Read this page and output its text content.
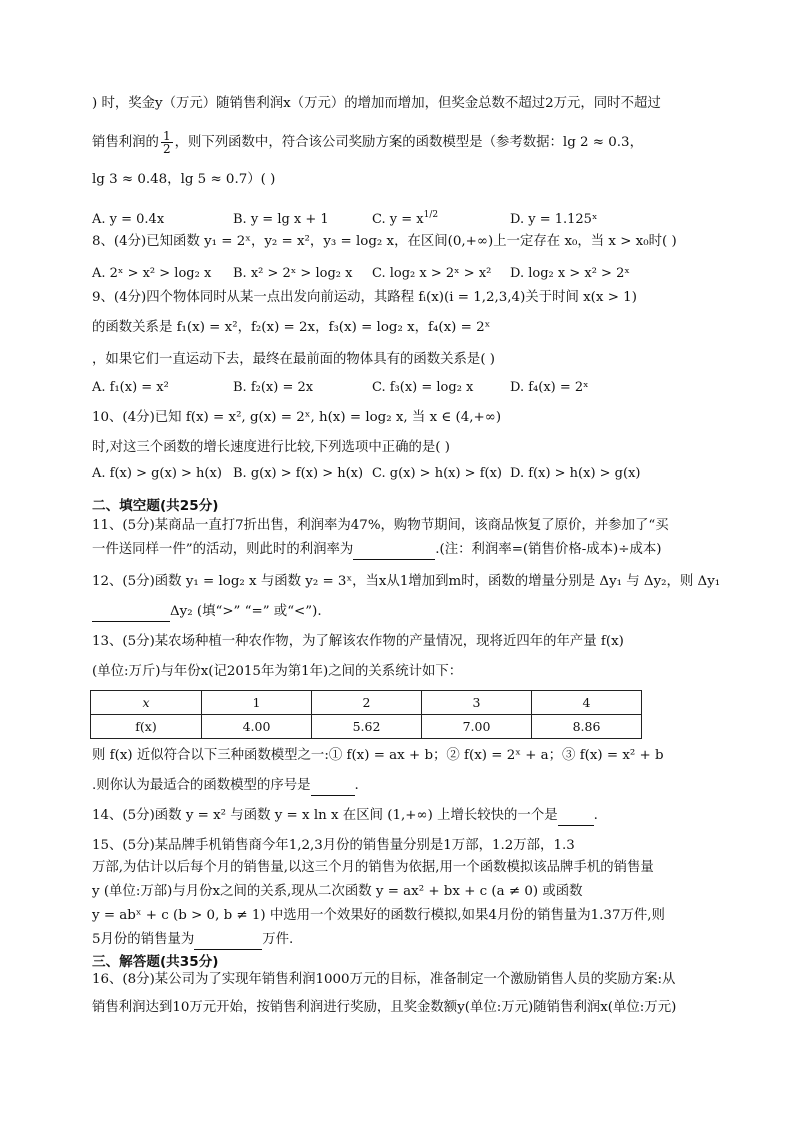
) 时，奖金y（万元）随销售利润x（万元）的增加而增加，但奖金总数不超过2万元，同时不超过
销售利润的 $\frac{1}{2}$ ，则下列函数中，符合该公司奖励方案的函数模型是（参考数据：lg 2 ≈ 0.3，
lg 3 ≈ 0.48，lg 5 ≈ 0.7）( )
A. y = 0.4x	B. y = lg x + 1	C. $y = x^{1/2}$	D. y = 1.125ˣ
8、(4分)已知函数 y₁ = 2ˣ，y₂ = x²，y₃ = log₂ x，在区间(0,+∞)上一定存在 x₀，当 x > x₀时( )
A. 2ˣ > x² > log₂ x B. x² > 2ˣ > log₂ x C. log₂ x > 2ˣ > x² D. log₂ x > x² > 2ˣ
9、(4分)四个物体同时从某一点出发向前运动，其路程 fᵢ(x)(i = 1,2,3,4)关于时间 x(x > 1)
的函数关系是 f₁(x) = x²，f₂(x) = 2x，f₃(x) = log₂ x，f₄(x) = 2ˣ
，如果它们一直运动下去，最终在最前面的物体具有的函数关系是( )
A. f₁(x) = x²	B. f₂(x) = 2x	C. f₃(x) = log₂ x	D. f₄(x) = 2ˣ
10、(4分)已知 f(x) = x², g(x) = 2ˣ, h(x) = log₂ x, 当 x ∈ (4,+∞)
时,对这三个函数的增长速度进行比较,下列选项中正确的是( )
A. f(x) > g(x) > h(x) B. g(x) > f(x) > h(x) C. g(x) > h(x) > f(x) D. f(x) > h(x) > g(x)
二、填空题(共25分)
11、(5分)某商品一直打7折出售，利润率为47%，购物节期间，该商品恢复了原价，并参加了“买
一件送同样一件”的活动，则此时的利润率为	.(注：利润率=(销售价格-成本)÷成本)
12、(5分)函数 y₁ = log₂ x 与函数 y₂ = 3ˣ，当x从1增加到m时，函数的增量分别是 Δy₁ 与 Δy₂，则 Δy₁
Δy₂ (填“>” “=” 或“<”).
13、(5分)某农场种植一种农作物，为了解该农作物的产量情况，现将近四年的年产量 f(x)
(单位:万斤)与年份x(记2015年为第1年)之间的关系统计如下：
x	1	2	3	4
f(x)	4.00	5.62	7.00	8.86
则 f(x) 近似符合以下三种函数模型之一:① f(x) = ax + b；② f(x) = 2ˣ + a；③ f(x) = x² + b
.则你认为最适合的函数模型的序号是	.
14、(5分)函数 y = x² 与函数 y = x ln x 在区间 (1,+∞) 上增长较快的一个是	.
15、(5分)某品牌手机销售商今年1,2,3月份的销售量分别是1万部，1.2万部，1.3
万部,为估计以后每个月的销售量,以这三个月的销售为依据,用一个函数模拟该品牌手机的销售量
y (单位:万部)与月份x之间的关系,现从二次函数 y = ax² + bx + c (a ≠ 0) 或函数
y = abˣ + c (b > 0, b ≠ 1) 中选用一个效果好的函数行模拟,如果4月份的销售量为1.37万件,则
5月份的销售量为	万件.
三、解答题(共35分)
16、(8分)某公司为了实现年销售利润1000万元的目标，准备制定一个激励销售人员的奖励方案:从
销售利润达到10万元开始，按销售利润进行奖励，且奖金数额y(单位:万元)随销售利润x(单位:万元)
